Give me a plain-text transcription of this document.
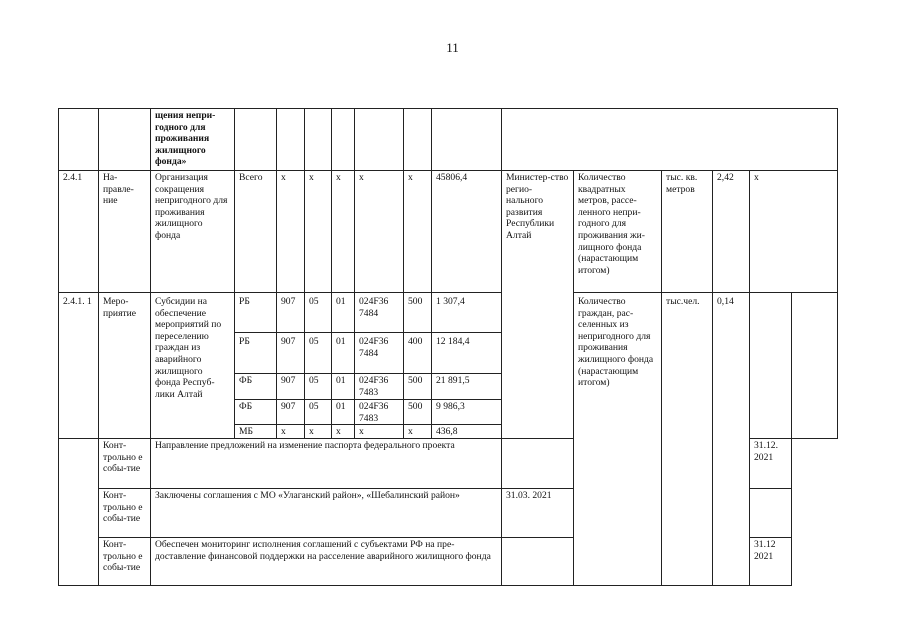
11
		щения непри-годного для проживания жилищного фонда»													
2.4.1	На-правле-ние	Организация сокращения непригодного для проживания жилищного фонда	Всего	х	х	х	х	х	45806,4	Министер-ство регио-нального развития Республики Алтай	Количество квадратных метров, рассе-ленного непри-годного для проживания жи-лищного фонда (нарастающим итогом)	тыс. кв. метров	2,42	х	
2.4.1. 1	Меро-приятие	Субсидии на обеспечение мероприятий по переселению граждан из аварийного жилищного фонда Респуб-лики Алтай	РБ	907	05	01	024F36 7484	500	1 307,4		Количество граждан, рас-селенных из непригодного для проживания жилищного фонда (нарастающим итогом)	тыс.чел.	0,14		
			РБ	907	05	01	024F36 7484	400	12 184,4						
			ФБ	907	05	01	024F36 7483	500	21 891,5						
			ФБ	907	05	01	024F36 7483	500	9 986,3						
			МБ	х	х	х	х	х	436,8						
	Конт-трольно е собы-тие	Направление предложений на изменение паспорта федерального проекта												31.12. 2021	
	Конт-трольно е собы-тие	Заключены соглашения с МО «Улаганский район», «Шебалинский район»								31.03. 2021					
	Конт-трольно е собы-тие	Обеспечен мониторинг исполнения соглашений с субъектами РФ на пре-доставление финансовой поддержки на расселение аварийного жилищного фонда												31.12 2021	
